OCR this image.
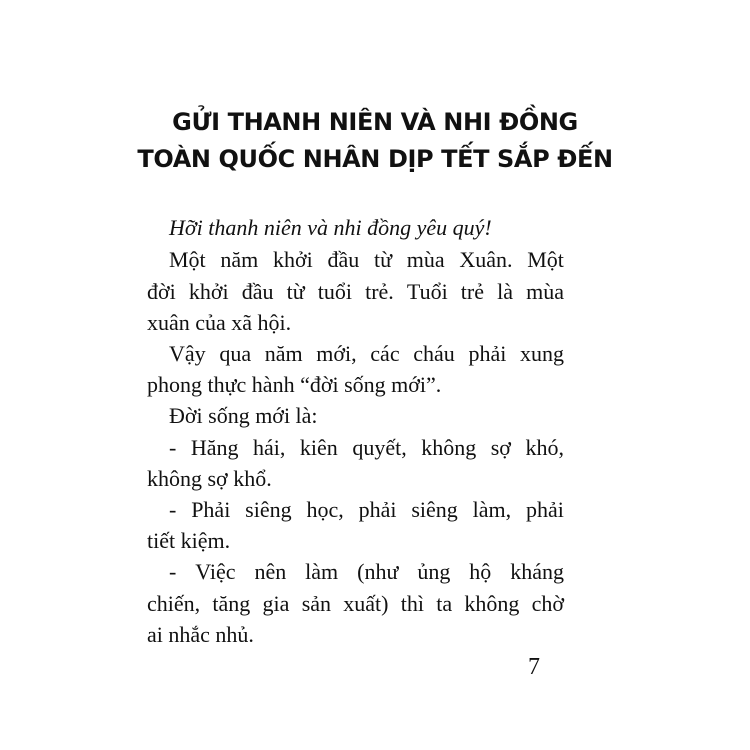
GỬI THANH NIÊN VÀ NHI ĐỒNG
TOÀN QUỐC NHÂN DỊP TẾT SẮP ĐẾN
Hỡi thanh niên và nhi đồng yêu quý!
Một năm khởi đầu từ mùa Xuân. Một
đời khởi đầu từ tuổi trẻ. Tuổi trẻ là mùa
xuân của xã hội.
Vậy qua năm mới, các cháu phải xung
phong thực hành “đời sống mới”.
Đời sống mới là:
- Hăng hái, kiên quyết, không sợ khó,
không sợ khổ.
- Phải siêng học, phải siêng làm, phải
tiết kiệm.
- Việc nên làm (như ủng hộ kháng
chiến, tăng gia sản xuất) thì ta không chờ
ai nhắc nhủ.
7
